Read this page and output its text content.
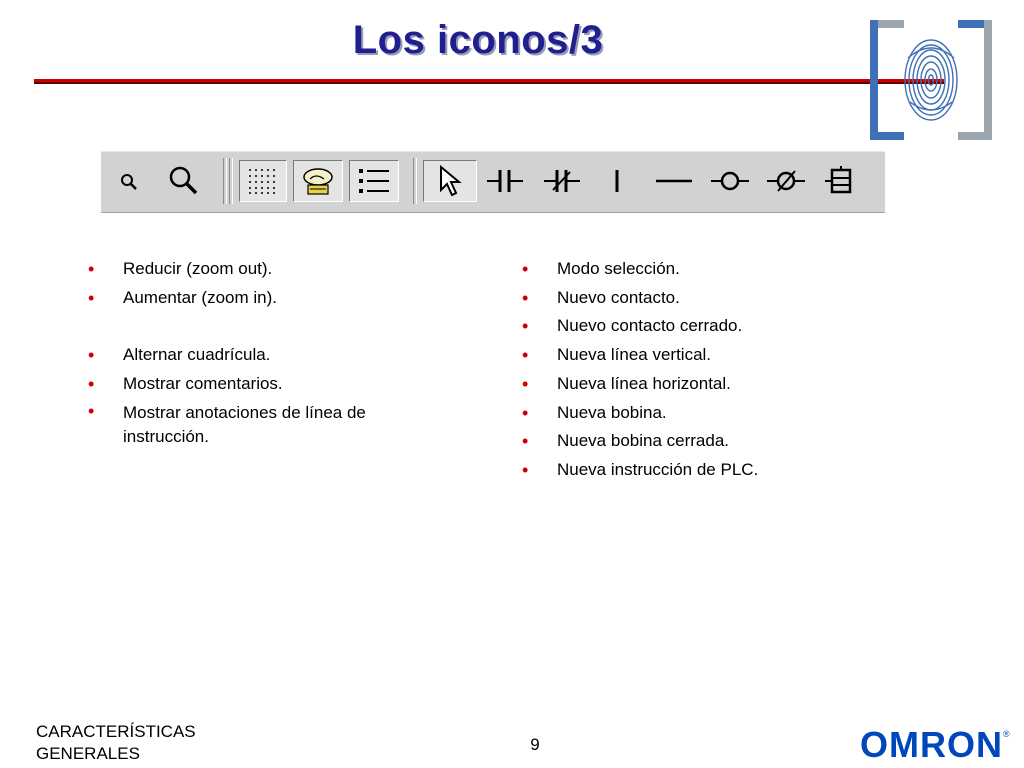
Los iconos/3
• Reducir (zoom out).
• Aumentar (zoom in).
• Alternar cuadrícula.
• Mostrar comentarios.
• Mostrar anotaciones de línea de instrucción.
• Modo selección.
• Nuevo contacto.
• Nuevo contacto cerrado.
• Nueva línea vertical.
• Nueva línea horizontal.
• Nueva bobina.
• Nueva bobina cerrada.
• Nueva instrucción de PLC.
CARACTERÍSTICAS
GENERALES	9	OMRON ®
